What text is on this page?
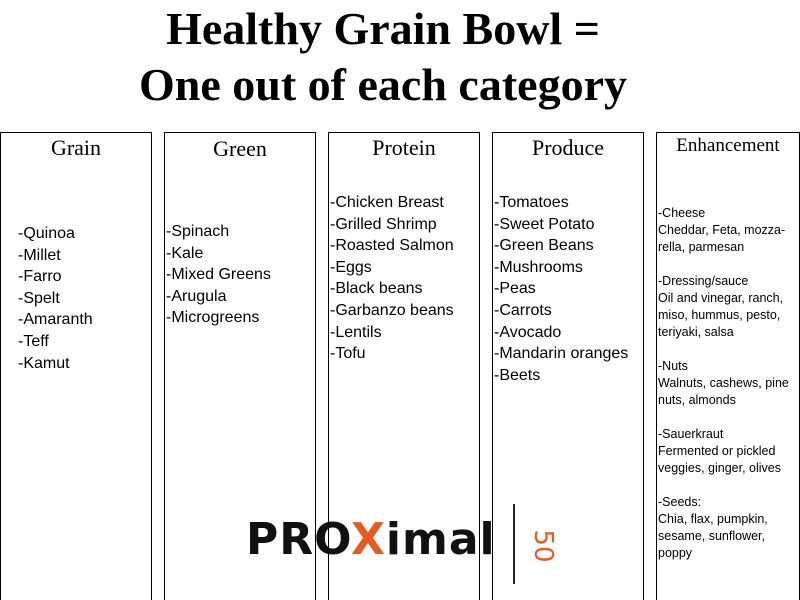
Healthy Grain Bowl =
One out of each category
Grain
-Quinoa
-Millet
-Farro
-Spelt
-Amaranth
-Teff
-Kamut
Green
-Spinach
-Kale
-Mixed Greens
-Arugula
-Microgreens
Protein
-Chicken Breast
-Grilled Shrimp
-Roasted Salmon
-Eggs
-Black beans
-Garbanzo beans
-Lentils
-Tofu
Produce
-Tomatoes
-Sweet Potato
-Green Beans
-Mushrooms
-Peas
-Carrots
-Avocado
-Mandarin oranges
-Beets
Enhancement
-Cheese
Cheddar, Feta, mozza-rella, parmesan
-Dressing/sauce
Oil and vinegar, ranch, miso, hummus, pesto, teriyaki, salsa
-Nuts
Walnuts, cashews, pine nuts, almonds
-Sauerkraut
Fermented or pickled veggies, ginger, olives
-Seeds:
Chia, flax, pumpkin, sesame, sunflower, poppy
PROXimal 50
